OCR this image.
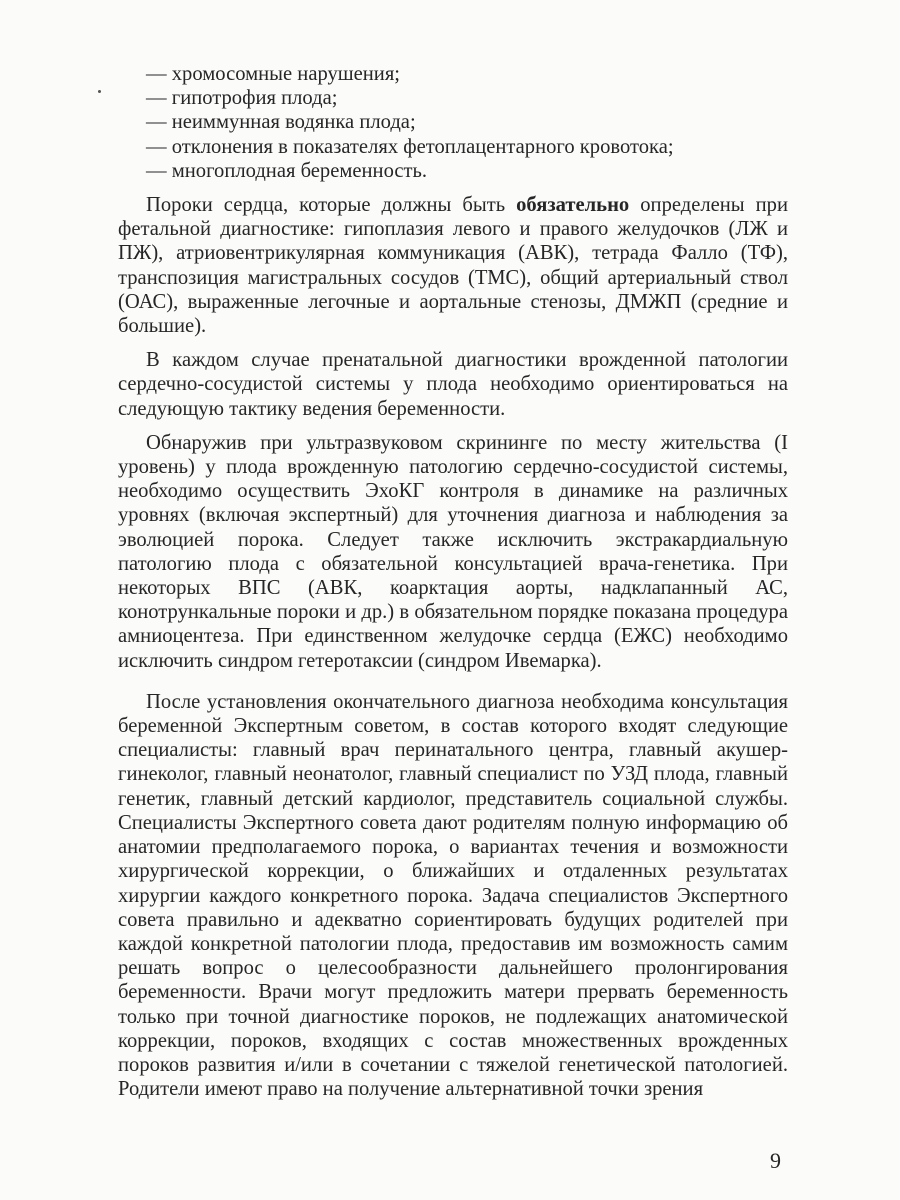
— хромосомные нарушения;
— гипотрофия плода;
— неиммунная водянка плода;
— отклонения в показателях фетоплацентарного кровотока;
— многоплодная беременность.

Пороки сердца, которые должны быть обязательно определены при фетальной диагностике: гипоплазия левого и правого желудочков (ЛЖ и ПЖ), атриовентрикулярная коммуникация (АВК), тетрада Фалло (ТФ), транспозиция магистральных сосудов (ТМС), общий артериальный ствол (ОАС), выраженные легочные и аортальные стенозы, ДМЖП (средние и большие).

В каждом случае пренатальной диагностики врожденной патологии сердечно-сосудистой системы у плода необходимо ориентироваться на следующую тактику ведения беременности.

Обнаружив при ультразвуковом скрининге по месту жительства (I уровень) у плода врожденную патологию сердечно-сосудистой системы, необходимо осуществить ЭхоКГ контроля в динамике на различных уровнях (включая экспертный) для уточнения диагноза и наблюдения за эволюцией порока. Следует также исключить экстракардиальную патологию плода с обязательной консультацией врача-генетика. При некоторых ВПС (АВК, коарктация аорты, надклапанный АС, конотрункальные пороки и др.) в обязательном порядке показана процедура амниоцентеза. При единственном желудочке сердца (ЕЖС) необходимо исключить синдром гетеротаксии (синдром Ивемарка).

После установления окончательного диагноза необходима консультация беременной Экспертным советом, в состав которого входят следующие специалисты: главный врач перинатального центра, главный акушер-гинеколог, главный неонатолог, главный специалист по УЗД плода, главный генетик, главный детский кардиолог, представитель социальной службы. Специалисты Экспертного совета дают родителям полную информацию об анатомии предполагаемого порока, о вариантах течения и возможности хирургической коррекции, о ближайших и отдаленных результатах хирургии каждого конкретного порока. Задача специалистов Экспертного совета правильно и адекватно сориентировать будущих родителей при каждой конкретной патологии плода, предоставив им возможность самим решать вопрос о целесообразности дальнейшего пролонгирования беременности. Врачи могут предложить матери прервать беременность только при точной диагностике пороков, не подлежащих анатомической коррекции, пороков, входящих с состав множественных врожденных пороков развития и/или в сочетании с тяжелой генетической патологией. Родители имеют право на получение альтернативной точки зрения

9
